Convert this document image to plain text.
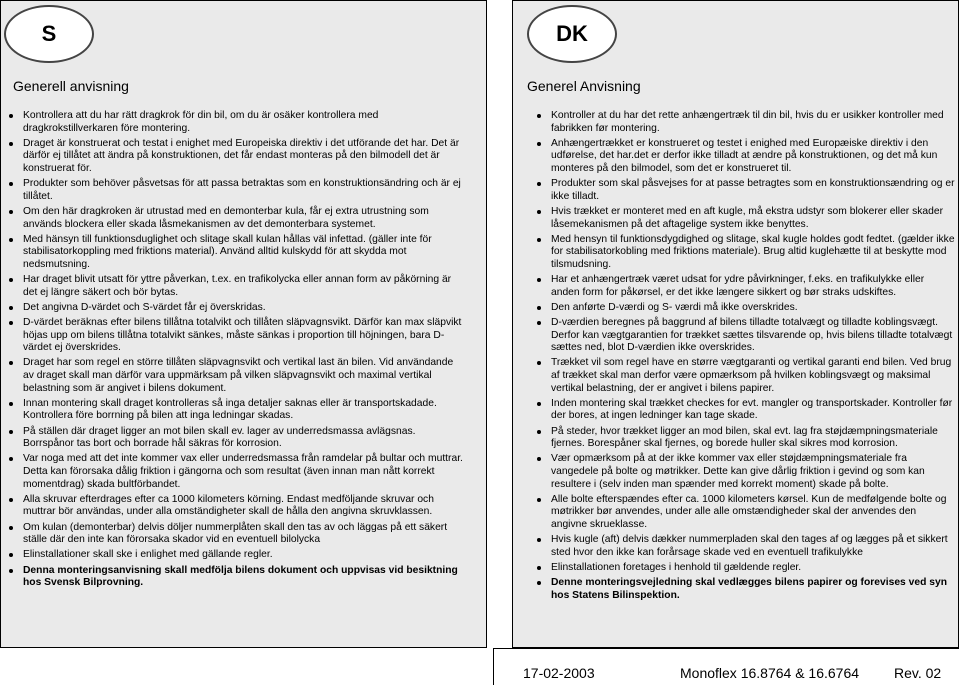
S
Generell anvisning
Kontrollera att du har rätt dragkrok för din bil, om du är osäker kontrollera med dragkrokstillverkaren före montering.
Draget är konstruerat och testat i enighet med Europeiska direktiv i det utförande det har. Det är därför ej tillåtet att ändra på konstruktionen, det får endast monteras på den bilmodell det är konstruerat för.
Produkter som behöver påsvetsas för att passa betraktas som en konstruktionsändring och är ej tillåtet.
Om den här dragkroken är utrustad med en demonterbar kula, får ej extra utrustning som används blockera eller skada låsmekanismen av det demonterbara systemet.
Med hänsyn till funktionsduglighet och slitage skall kulan hållas väl infettad. (gäller inte för stabilisatorkoppling med friktions material). Använd alltid kulskydd för att skydda mot nedsmutsning.
Har draget blivit utsatt för yttre påverkan, t.ex. en trafikolycka eller annan form av påkörning är det ej längre säkert och bör bytas.
Det angivna D-värdet och S-värdet får ej överskridas.
D-värdet beräknas efter bilens tillåtna totalvikt och tillåten släpvagnsvikt. Därför kan max släpvikt höjas upp om bilens tillåtna totalvikt sänkes, måste sänkas i proportion till höjningen, bara D-värdet ej överskrides.
Draget har som regel en större tillåten släpvagnsvikt och vertikal last än bilen. Vid användande av draget skall man därför vara uppmärksam på vilken släpvagnsvikt och maximal vertikal belastning som är angivet i bilens dokument.
Innan montering skall draget kontrolleras så inga detaljer saknas eller är transportskadade. Kontrollera före borrning på bilen att inga ledningar skadas.
På ställen där draget ligger an mot bilen skall ev. lager av underredsmassa avlägsnas. Borrspånor tas bort och borrade hål säkras för korrosion.
Var noga med att det inte kommer vax eller underredsmassa från ramdelar på bultar och muttrar. Detta kan förorsaka dålig friktion i gängorna och som resultat (även innan man nått korrekt momentdrag) skada bultförbandet.
Alla skruvar efterdrages efter ca 1000 kilometers körning. Endast medföljande skruvar och muttrar bör användas, under alla omständigheter skall de hålla den angivna skruvklassen.
Om kulan (demonterbar) delvis döljer nummerplåten skall den tas av och läggas på ett säkert ställe där den inte kan förorsaka skador vid en eventuell bilolycka
Elinstallationer skall ske i enlighet med gällande regler.
Denna monteringsanvisning skall medfölja bilens dokument och uppvisas vid besiktning hos Svensk Bilprovning.
DK
Generel Anvisning
Kontroller at du har det rette anhængertræk til din bil, hvis du er usikker kontroller med fabrikken før montering.
Anhængertrækket er konstrueret og testet i enighed med Europæiske direktiv i den udførelse, det har.det er derfor ikke tilladt at ændre på konstruktionen, og det må kun monteres på den bilmodel, som det er konstrueret til.
Produkter som skal påsvejses for at passe betragtes som en konstruktionsændring og er ikke tilladt.
Hvis trækket er monteret med en aft kugle, må ekstra udstyr som blokerer eller skader låsemekanismen på det aftagelige system ikke benyttes.
Med hensyn til funktionsdygdighed og slitage, skal kugle holdes godt fedtet. (gælder ikke for stabilisatorkobling med friktions materiale). Brug altid kuglehætte til at beskytte mod tilsmudsning.
Har et anhængertræk været udsat for ydre påvirkninger, f.eks. en trafikulykke eller anden form for påkørsel, er det ikke længere sikkert og bør straks udskiftes.
Den anførte D-værdi og S- værdi må ikke overskrides.
D-værdien beregnes på baggrund af bilens tilladte totalvægt og tilladte koblingsvægt. Derfor kan vægtgarantien for trækket sættes tilsvarende op, hvis bilens tilladte totalvægt sættes ned, blot D-værdien ikke overskrides.
Trækket vil som regel have en større vægtgaranti og vertikal garanti end bilen. Ved brug af trækket skal man derfor være opmærksom på hvilken koblingsvægt og maksimal vertikal belastning, der er angivet i bilens papirer.
Inden montering skal trækket checkes for evt. mangler og transportskader. Kontroller før der bores, at ingen ledninger kan tage skade.
På steder, hvor trækket ligger an mod bilen, skal evt. lag fra støjdæmpningsmateriale fjernes. Borespåner skal fjernes, og borede huller skal sikres mod korrosion.
Vær opmærksom på at der ikke kommer vax eller støjdæmpningsmateriale fra vangedele på bolte og møtrikker. Dette kan give dårlig friktion i gevind og som kan resultere i (selv inden man spænder med korrekt moment) skade på bolte.
Alle bolte efterspændes efter ca. 1000 kilometers kørsel. Kun de medfølgende bolte og møtrikker bør anvendes, under alle alle omstændigheder skal der anvendes den angivne skrueklasse.
Hvis kugle (aft) delvis dækker nummerpladen skal den tages af og lægges på et sikkert sted hvor den ikke kan forårsage skade ved en eventuell trafikulykke
Elinstallationen foretages i henhold til gældende regler.
Denne monteringsvejledning skal vedlægges bilens papirer og forevises ved syn hos Statens Bilinspektion.
17-02-2003	Monoflex 16.8764 & 16.6764 Rev. 02
